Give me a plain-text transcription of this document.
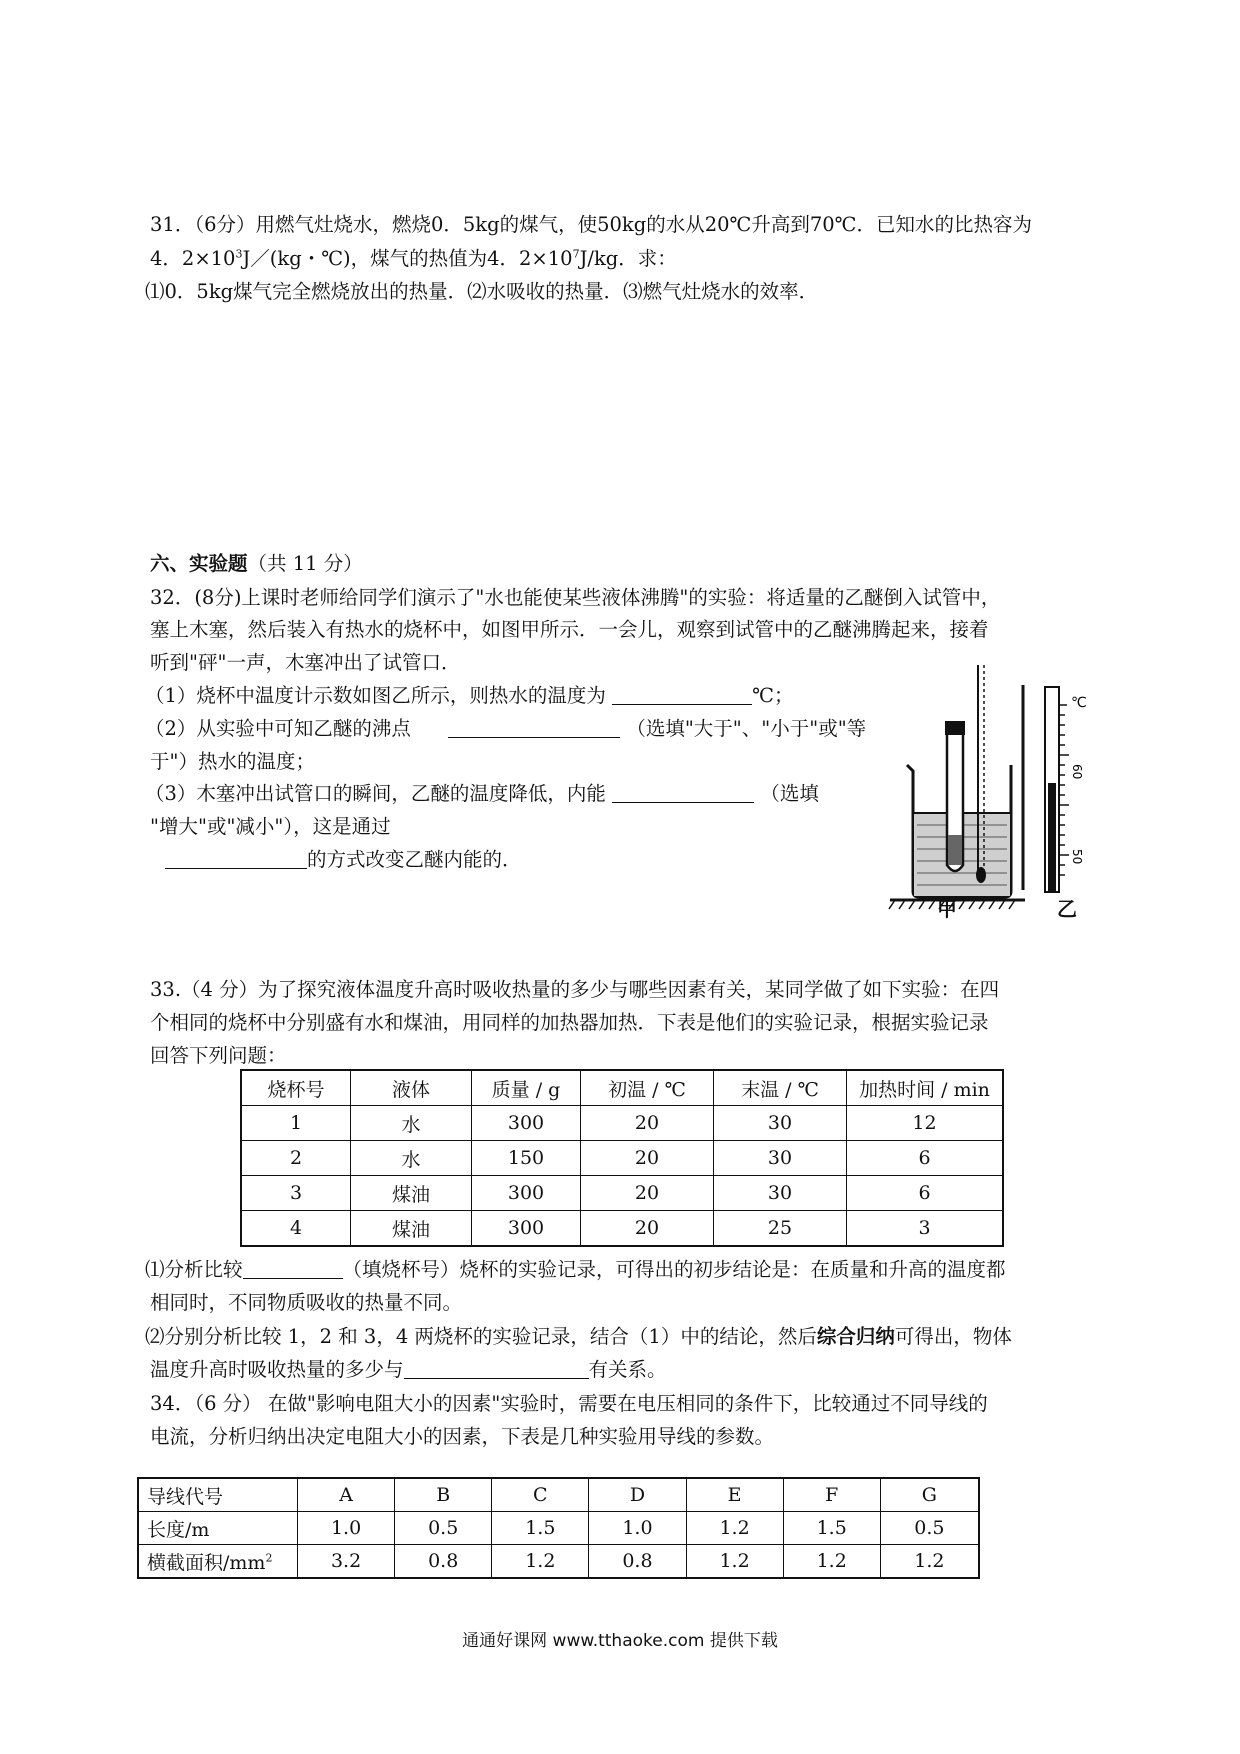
31．（6分）用燃气灶烧水，燃烧0．5kg的煤气，使50kg的水从20℃升高到70℃．已知水的比热容为
4．$2\times 10^3J/(kg$・℃)，煤气的热值为4．$2\times 10^7J/kg$．求：
⑴0．5kg煤气完全燃烧放出的热量．⑵水吸收的热量．⑶燃气灶烧水的效率．
六、实验题（共 11 分）
32．(8分)上课时老师给同学们演示了"水也能使某些液体沸腾"的实验：将适量的乙醚倒入试管中，
塞上木塞，然后装入有热水的烧杯中，如图甲所示．一会儿，观察到试管中的乙醚沸腾起来，接着
听到"砰"一声，木塞冲出了试管口．
（1）烧杯中温度计示数如图乙所示，则热水的温度为	℃；
（2）从实验中可知乙醚的沸点	（选填"大于"、"小于"或"等
于"）热水的温度；
（3）木塞冲出试管口的瞬间，乙醚的温度降低，内能	（选填
"增大"或"减小"），这是通过
的方式改变乙醚内能的．
℃
60
50
甲	乙
33.（4 分）为了探究液体温度升高时吸收热量的多少与哪些因素有关，某同学做了如下实验：在四
个相同的烧杯中分别盛有水和煤油，用同样的加热器加热．下表是他们的实验记录，根据实验记录
回答下列问题：
烧杯号	液体	质量 / g	初温 / ℃	末温 / ℃	加热时间 / min
1	水	300	20	30	12
2	水	150	20	30	6
3	煤油	300	20	30	6
4	煤油	300	20	25	3
⑴分析比较	（填烧杯号）烧杯的实验记录，可得出的初步结论是：在质量和升高的温度都
相同时，不同物质吸收的热量不同。
⑵分别分析比较 1，2 和 3，4 两烧杯的实验记录，结合（1）中的结论，然后综合归纳可得出，物体
温度升高时吸收热量的多少与	有关系。
34．（6 分） 在做"影响电阻大小的因素"实验时，需要在电压相同的条件下，比较通过不同导线的
电流，分析归纳出决定电阻大小的因素，下表是几种实验用导线的参数。
导线代号	A	B	C	D	E	F	G
长度/m	1.0	0.5	1.5	1.0	1.2	1.5	0.5
横截面积$/mm^2$	3.2	0.8	1.2	0.8	1.2	1.2	1.2
通通好课网 www.tthaoke.com 提供下载
